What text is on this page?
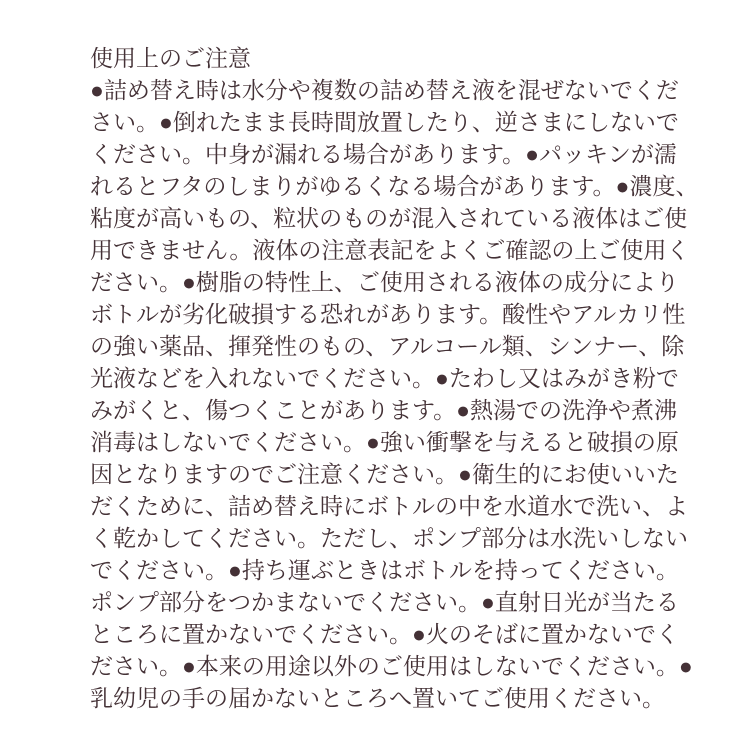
使用上のご注意
●詰め替え時は水分や複数の詰め替え液を混ぜないでくだ
さい。●倒れたまま長時間放置したり、逆さまにしないで
ください。中身が漏れる場合があります。●パッキンが濡
れるとフタのしまりがゆるくなる場合があります。●濃度、
粘度が高いもの、粒状のものが混入されている液体はご使
用できません。液体の注意表記をよくご確認の上ご使用く
ださい。●樹脂の特性上、ご使用される液体の成分により
ボトルが劣化破損する恐れがあります。酸性やアルカリ性
の強い薬品、揮発性のもの、アルコール類、シンナー、除
光液などを入れないでください。●たわし又はみがき粉で
みがくと、傷つくことがあります。●熱湯での洗浄や煮沸
消毒はしないでください。●強い衝撃を与えると破損の原
因となりますのでご注意ください。●衛生的にお使いいた
だくために、詰め替え時にボトルの中を水道水で洗い、よ
く乾かしてください。ただし、ポンプ部分は水洗いしない
でください。●持ち運ぶときはボトルを持ってください。
ポンプ部分をつかまないでください。●直射日光が当たる
ところに置かないでください。●火のそばに置かないでく
ださい。●本来の用途以外のご使用はしないでください。●
乳幼児の手の届かないところへ置いてご使用ください。
